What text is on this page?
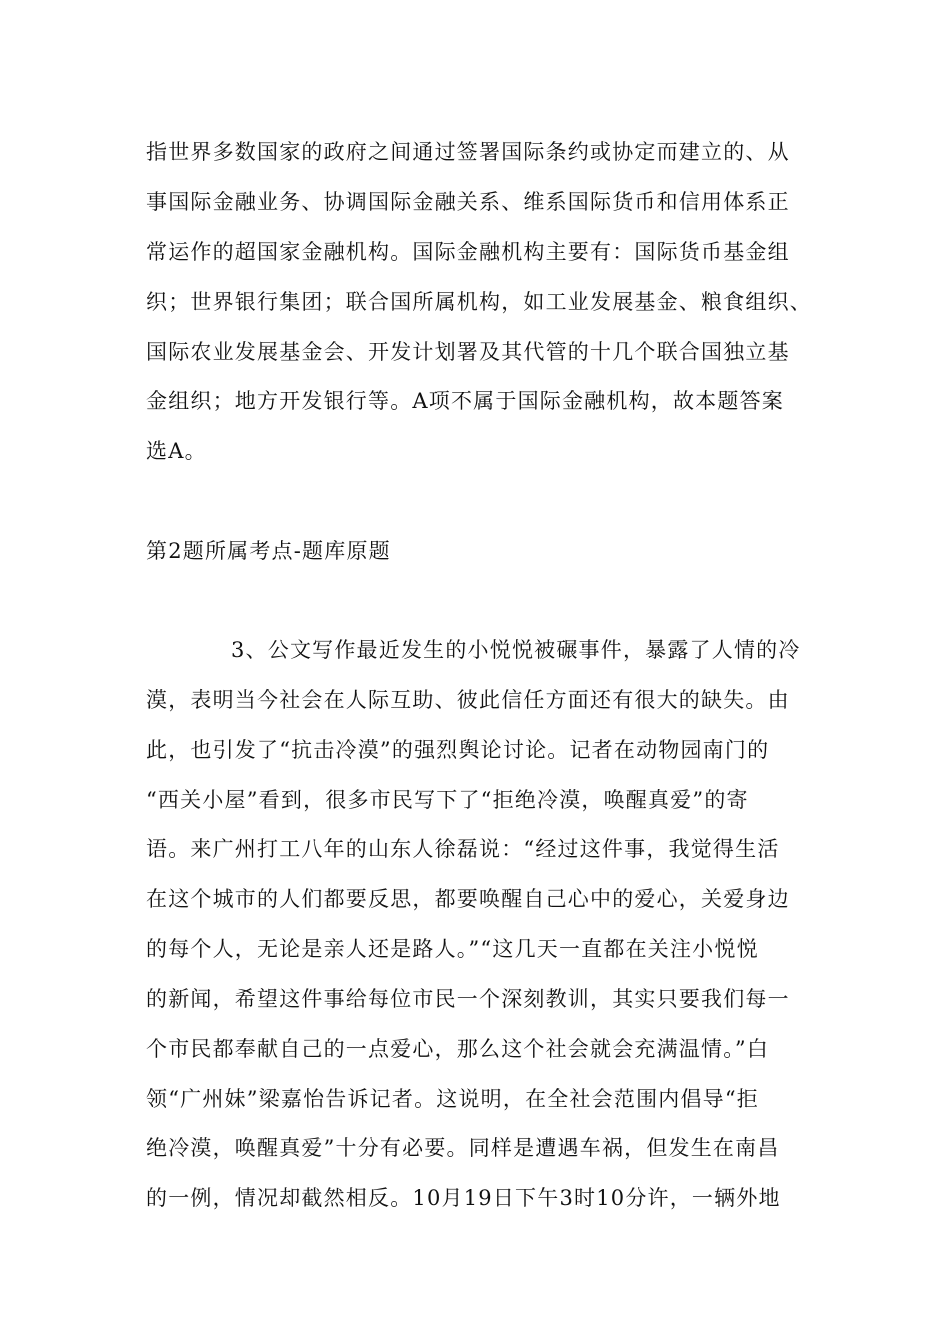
指世界多数国家的政府之间通过签署国际条约或协定而建立的、从
事国际金融业务、协调国际金融关系、维系国际货币和信用体系正
常运作的超国家金融机构。国际金融机构主要有：国际货币基金组
织；世界银行集团；联合国所属机构，如工业发展基金、粮食组织、
国际农业发展基金会、开发计划署及其代管的十几个联合国独立基
金组织；地方开发银行等。A项不属于国际金融机构，故本题答案
选A。
第2题所属考点-题库原题
3、公文写作最近发生的小悦悦被碾事件，暴露了人情的冷
漠，表明当今社会在人际互助、彼此信任方面还有很大的缺失。由
此，也引发了“抗击冷漠”的强烈舆论讨论。记者在动物园南门的
“西关小屋”看到，很多市民写下了“拒绝冷漠，唤醒真爱”的寄
语。来广州打工八年的山东人徐磊说：“经过这件事，我觉得生活
在这个城市的人们都要反思，都要唤醒自己心中的爱心，关爱身边
的每个人，无论是亲人还是路人。”“这几天一直都在关注小悦悦
的新闻，希望这件事给每位市民一个深刻教训，其实只要我们每一
个市民都奉献自己的一点爱心，那么这个社会就会充满温情。”白
领“广州妹”梁嘉怡告诉记者。这说明，在全社会范围内倡导“拒
绝冷漠，唤醒真爱”十分有必要。同样是遭遇车祸，但发生在南昌
的一例，情况却截然相反。10月19日下午3时10分许，一辆外地
